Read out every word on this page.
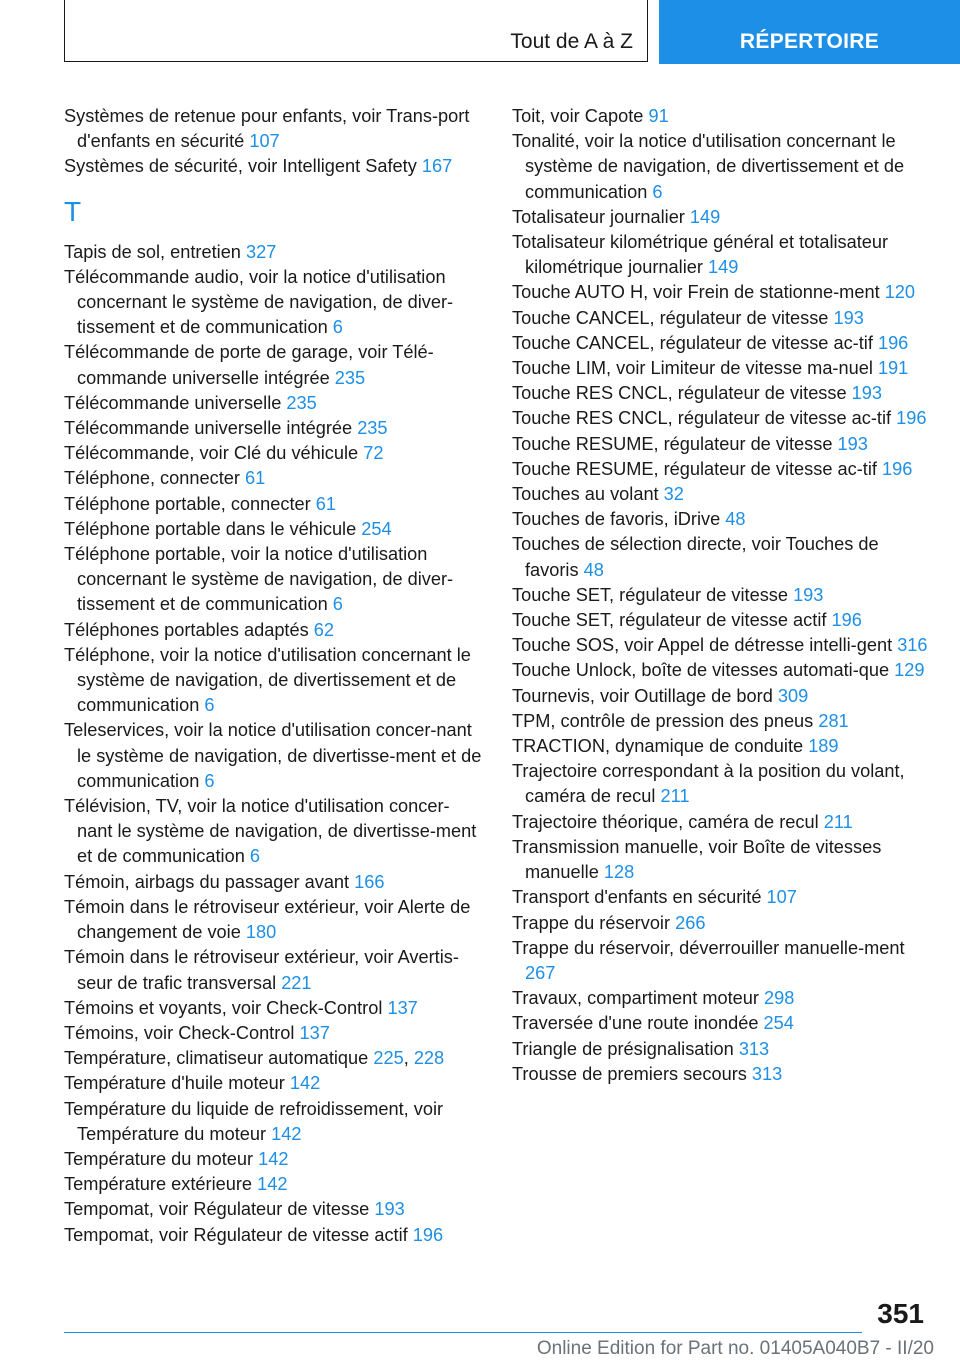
Tout de A à Z	RÉPERTOIRE
Systèmes de retenue pour enfants, voir Trans‐port d'enfants en sécurité 107
Systèmes de sécurité, voir Intelligent Safety 167
T
Tapis de sol, entretien 327
Télécommande audio, voir la notice d'utilisation concernant le système de navigation, de diver‐tissement et de communication 6
Télécommande de porte de garage, voir Télé‐commande universelle intégrée 235
Télécommande universelle 235
Télécommande universelle intégrée 235
Télécommande, voir Clé du véhicule 72
Téléphone, connecter 61
Téléphone portable, connecter 61
Téléphone portable dans le véhicule 254
Téléphone portable, voir la notice d'utilisation concernant le système de navigation, de diver‐tissement et de communication 6
Téléphones portables adaptés 62
Téléphone, voir la notice d'utilisation concernant le système de navigation, de divertissement et de communication 6
Teleservices, voir la notice d'utilisation concer‐nant le système de navigation, de divertisse‐ment et de communication 6
Télévision, TV, voir la notice d'utilisation concer‐nant le système de navigation, de divertisse‐ment et de communication 6
Témoin, airbags du passager avant 166
Témoin dans le rétroviseur extérieur, voir Alerte de changement de voie 180
Témoin dans le rétroviseur extérieur, voir Avertis‐seur de trafic transversal 221
Témoins et voyants, voir Check-Control 137
Témoins, voir Check-Control 137
Température, climatiseur automatique 225, 228
Température d'huile moteur 142
Température du liquide de refroidissement, voir Température du moteur 142
Température du moteur 142
Température extérieure 142
Tempomat, voir Régulateur de vitesse 193
Tempomat, voir Régulateur de vitesse actif 196
Toit, voir Capote 91
Tonalité, voir la notice d'utilisation concernant le système de navigation, de divertissement et de communication 6
Totalisateur journalier 149
Totalisateur kilométrique général et totalisateur kilométrique journalier 149
Touche AUTO H, voir Frein de stationne‐ment 120
Touche CANCEL, régulateur de vitesse 193
Touche CANCEL, régulateur de vitesse ac‐tif 196
Touche LIM, voir Limiteur de vitesse ma‐nuel 191
Touche RES CNCL, régulateur de vitesse 193
Touche RES CNCL, régulateur de vitesse ac‐tif 196
Touche RESUME, régulateur de vitesse 193
Touche RESUME, régulateur de vitesse ac‐tif 196
Touches au volant 32
Touches de favoris, iDrive 48
Touches de sélection directe, voir Touches de favoris 48
Touche SET, régulateur de vitesse 193
Touche SET, régulateur de vitesse actif 196
Touche SOS, voir Appel de détresse intelli‐gent 316
Touche Unlock, boîte de vitesses automati‐que 129
Tournevis, voir Outillage de bord 309
TPM, contrôle de pression des pneus 281
TRACTION, dynamique de conduite 189
Trajectoire correspondant à la position du volant, caméra de recul 211
Trajectoire théorique, caméra de recul 211
Transmission manuelle, voir Boîte de vitesses manuelle 128
Transport d'enfants en sécurité 107
Trappe du réservoir 266
Trappe du réservoir, déverrouiller manuelle‐ment 267
Travaux, compartiment moteur 298
Traversée d'une route inondée 254
Triangle de présignalisation 313
Trousse de premiers secours 313
351
Online Edition for Part no. 01405A040B7 - II/20
